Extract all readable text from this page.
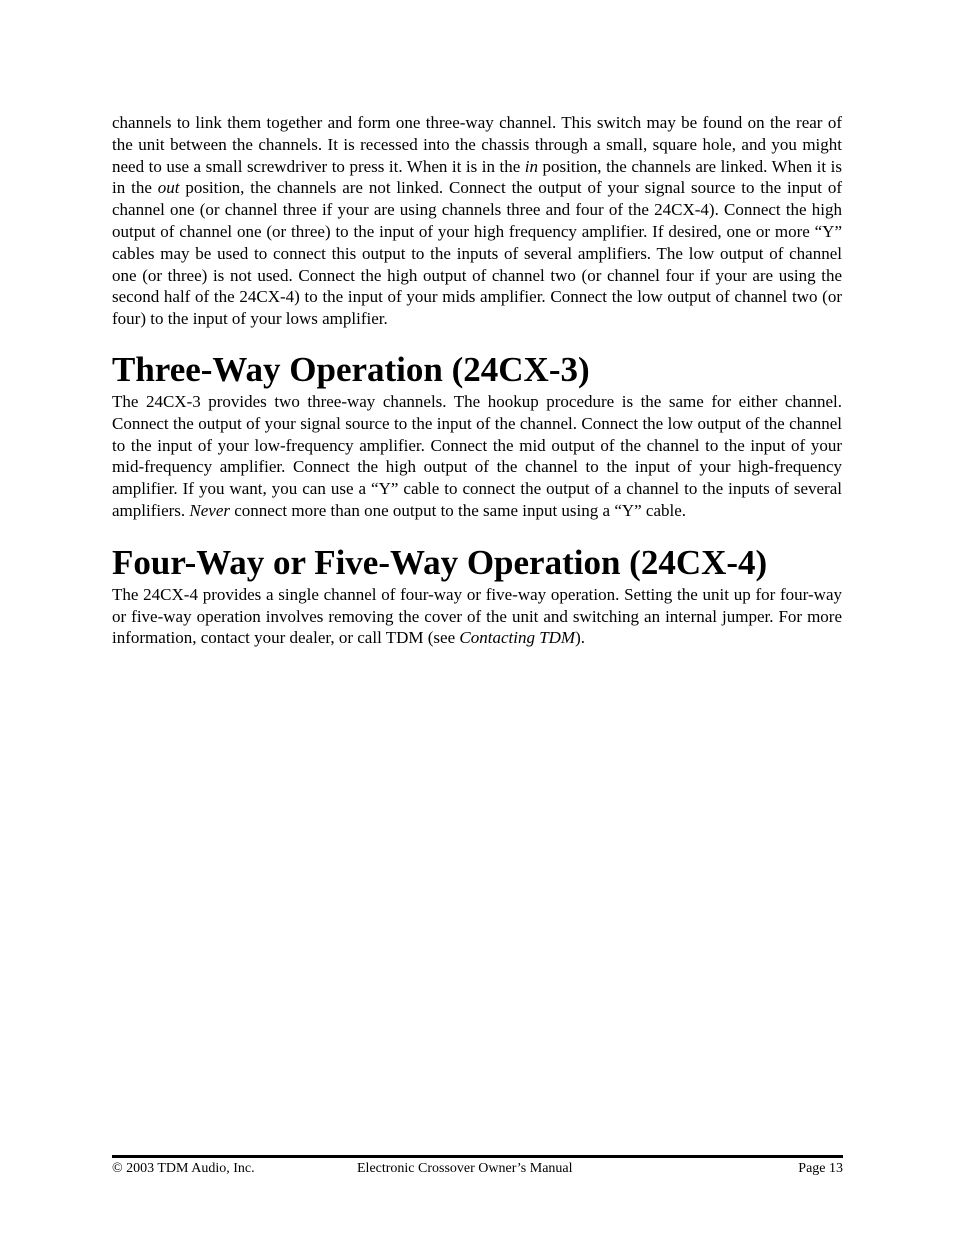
channels to link them together and form one three-way channel. This switch may be found on the rear of the unit between the channels. It is recessed into the chassis through a small, square hole, and you might need to use a small screwdriver to press it. When it is in the in position, the channels are linked. When it is in the out position, the channels are not linked. Connect the output of your signal source to the input of channel one (or channel three if your are using channels three and four of the 24CX-4). Connect the high output of channel one (or three) to the input of your high frequency amplifier. If desired, one or more “Y” cables may be used to connect this output to the inputs of several amplifiers. The low output of channel one (or three) is not used. Connect the high output of channel two (or channel four if your are using the second half of the 24CX-4) to the input of your mids amplifier. Connect the low output of channel two (or four) to the input of your lows amplifier.

Three-Way Operation (24CX-3)

The 24CX-3 provides two three-way channels. The hookup procedure is the same for either channel. Connect the output of your signal source to the input of the channel. Connect the low output of the channel to the input of your low-frequency amplifier. Connect the mid output of the channel to the input of your mid-frequency amplifier. Connect the high output of the channel to the input of your high-frequency amplifier. If you want, you can use a “Y” cable to connect the output of a channel to the inputs of several amplifiers. Never connect more than one output to the same input using a “Y” cable.

Four-Way or Five-Way Operation (24CX-4)

The 24CX-4 provides a single channel of four-way or five-way operation. Setting the unit up for four-way or five-way operation involves removing the cover of the unit and switching an internal jumper. For more information, contact your dealer, or call TDM (see Contacting TDM).

© 2003 TDM Audio, Inc.	Electronic Crossover Owner’s Manual	Page 13
